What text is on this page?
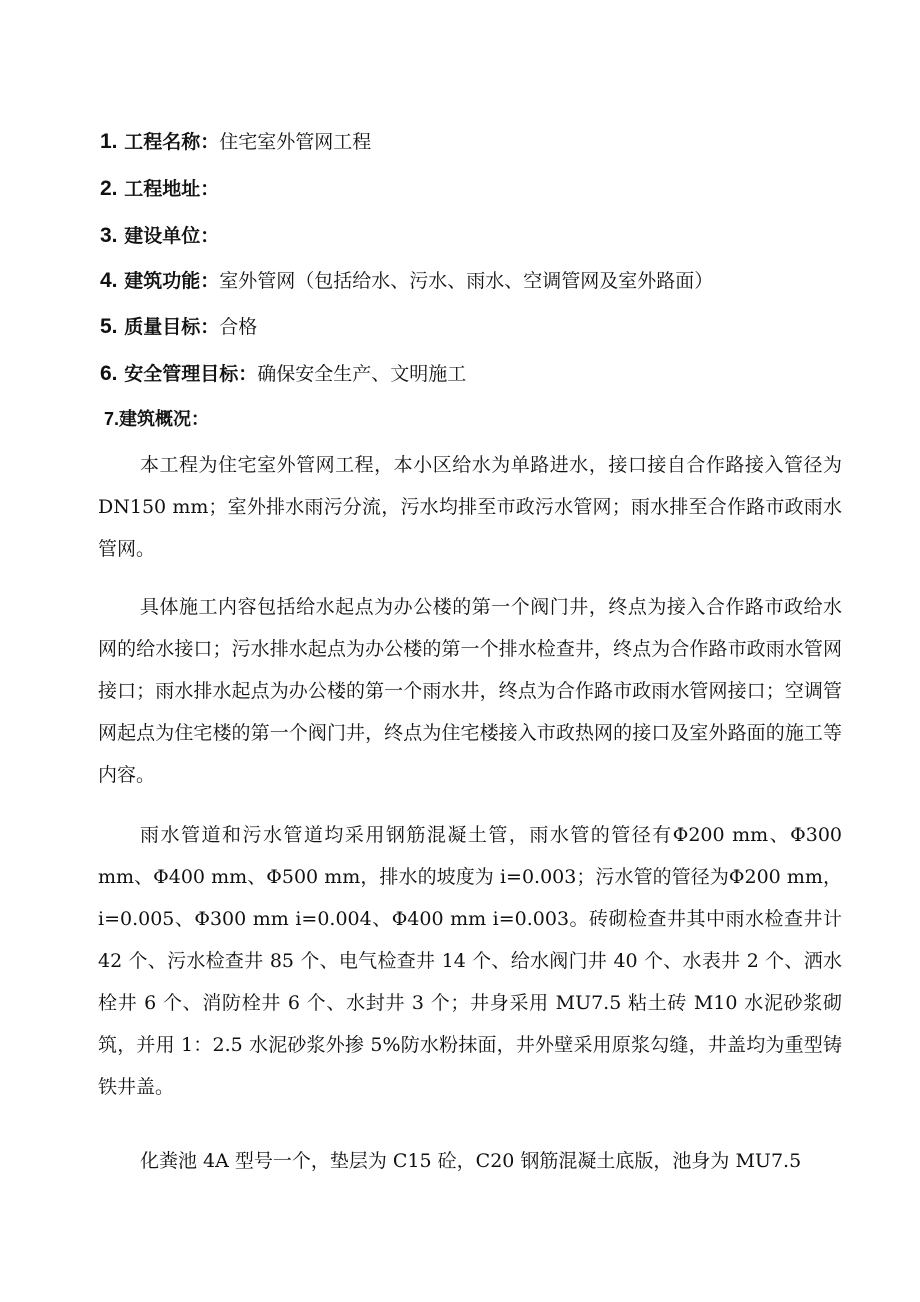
1. 工程名称：住宅室外管网工程
2. 工程地址：
3. 建设单位：
4. 建筑功能：室外管网（包括给水、污水、雨水、空调管网及室外路面）
5. 质量目标：合格
6. 安全管理目标：确保安全生产、文明施工
7.建筑概况：

本工程为住宅室外管网工程，本小区给水为单路进水，接口接自合作路接入管径为DN150 mm；室外排水雨污分流，污水均排至市政污水管网；雨水排至合作路市政雨水管网。

具体施工内容包括给水起点为办公楼的第一个阀门井，终点为接入合作路市政给水网的给水接口；污水排水起点为办公楼的第一个排水检查井，终点为合作路市政雨水管网接口；雨水排水起点为办公楼的第一个雨水井，终点为合作路市政雨水管网接口；空调管网起点为住宅楼的第一个阀门井，终点为住宅楼接入市政热网的接口及室外路面的施工等内容。

雨水管道和污水管道均采用钢筋混凝土管，雨水管的管径有Φ200 mm、Φ300 mm、Φ400 mm、Φ500 mm，排水的坡度为 i=0.003；污水管的管径为Φ200 mm，i=0.005、Φ300 mm i=0.004、Φ400 mm i=0.003。砖砌检查井其中雨水检查井计 42 个、污水检查井 85 个、电气检查井 14 个、给水阀门井 40 个、水表井 2 个、洒水栓井 6 个、消防栓井 6 个、水封井 3 个；井身采用 MU7.5 粘土砖 M10 水泥砂浆砌筑，并用 1：2.5 水泥砂浆外掺 5%防水粉抹面，井外壁采用原浆勾缝，井盖均为重型铸铁井盖。

化粪池 4A 型号一个，垫层为 C15 砼，C20 钢筋混凝土底版，池身为 MU7.5
